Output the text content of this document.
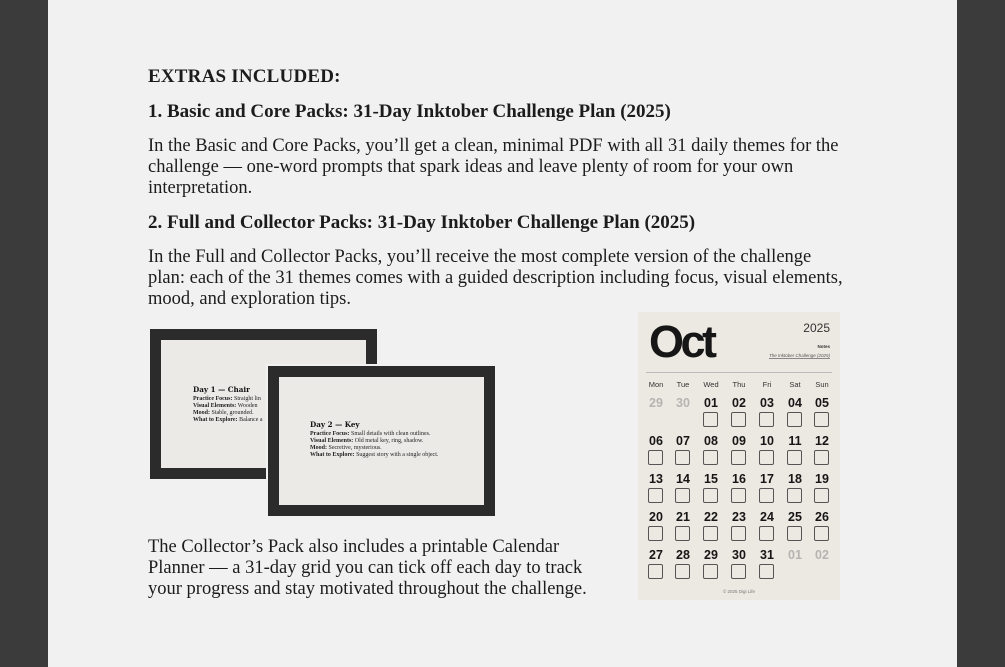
EXTRAS INCLUDED:
1. Basic and Core Packs: 31-Day Inktober Challenge Plan (2025)
In the Basic and Core Packs, you’ll get a clean, minimal PDF with all 31 daily themes for the challenge — one-word prompts that spark ideas and leave plenty of room for your own interpretation.
2. Full and Collector Packs: 31-Day Inktober Challenge Plan (2025)
In the Full and Collector Packs, you’ll receive the most complete version of the challenge plan: each of the 31 themes comes with a guided description including focus, visual elements, mood, and exploration tips.
The Collector’s Pack also includes a printable Calendar Planner — a 31-day grid you can tick off each day to track your progress and stay motivated throughout the challenge.
Day 1 — Chair
Practice Focus: Straight lin
Visual Elements: Wooden
Mood: Stable, grounded.
What to Explore: Balance a	Day 2 — Key
Practice Focus: Small details with clean outlines.
Visual Elements: Old metal key, ring, shadow.
Mood: Secretive, mysterious.
What to Explore: Suggest story with a single object.
Oct	2025
Notes
The Inktober Challenge (2025)
Mon	Tue	Wed	Thu	Fri	Sat	Sun
29	30	01	02	03	04	05
06	07	08	09	10	11	12
13	14	15	16	17	18	19
20	21	22	23	24	25	26
27	28	29	30	31	01	02
© 2025 Digi Life
